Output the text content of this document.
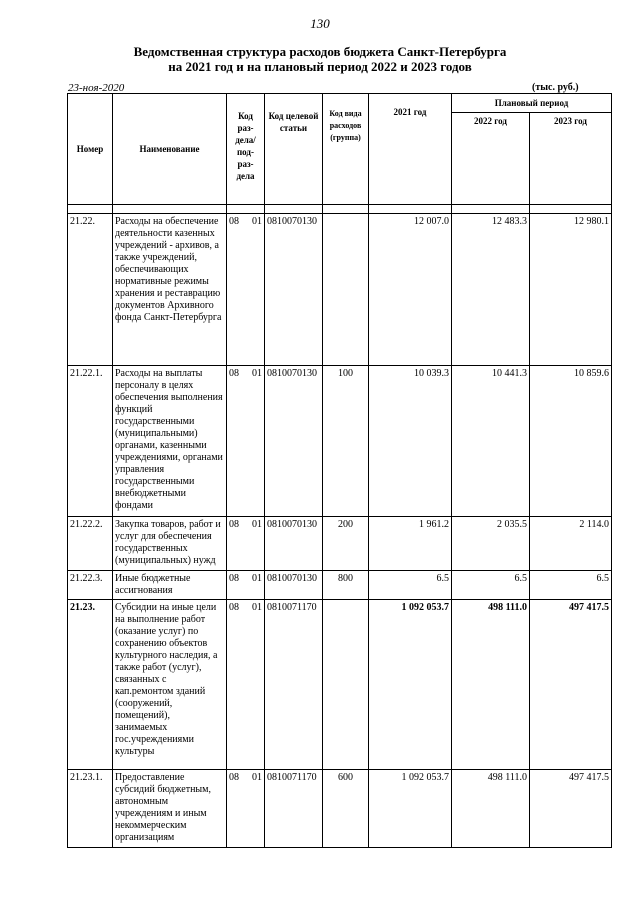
130
Ведомственная структура расходов бюджета Санкт-Петербурга
на 2021 год и на плановый период 2022 и 2023 годов
23-ноя-2020	(тыс. руб.)
Номер	Наименование	Код раз-дела/ под-раз-дела	Код целевой статьи	Код вида расходов (группа)	2021 год	Плановый период	
						2022 год	2023 год

21.22.	Расходы на обеспечение деятельности казенных учреждений - архивов, а также учреждений, обеспечивающих нормативные режимы хранения и реставрацию документов Архивного фонда Санкт-Петербурга	08 01	0810070130		12 007.0	12 483.3	12 980.1
21.22.1.	Расходы на выплаты персоналу в целях обеспечения выполнения функций государственными (муниципальными) органами, казенными учреждениями, органами управления государственными внебюджетными фондами	08 01	0810070130	100	10 039.3	10 441.3	10 859.6
21.22.2.	Закупка товаров, работ и услуг для обеспечения государственных (муниципальных) нужд	08 01	0810070130	200	1 961.2	2 035.5	2 114.0
21.22.3.	Иные бюджетные ассигнования	08 01	0810070130	800	6.5	6.5	6.5
21.23.	Субсидии на иные цели на выполнение работ (оказание услуг) по сохранению объектов культурного наследия, а также работ (услуг), связанных с кап.ремонтом зданий (сооружений, помещений), занимаемых гос.учреждениями культуры	08 01	0810071170		1 092 053.7	498 111.0	497 417.5
21.23.1.	Предоставление субсидий бюджетным, автономным учреждениям и иным некоммерческим организациям	08 01	0810071170	600	1 092 053.7	498 111.0	497 417.5
